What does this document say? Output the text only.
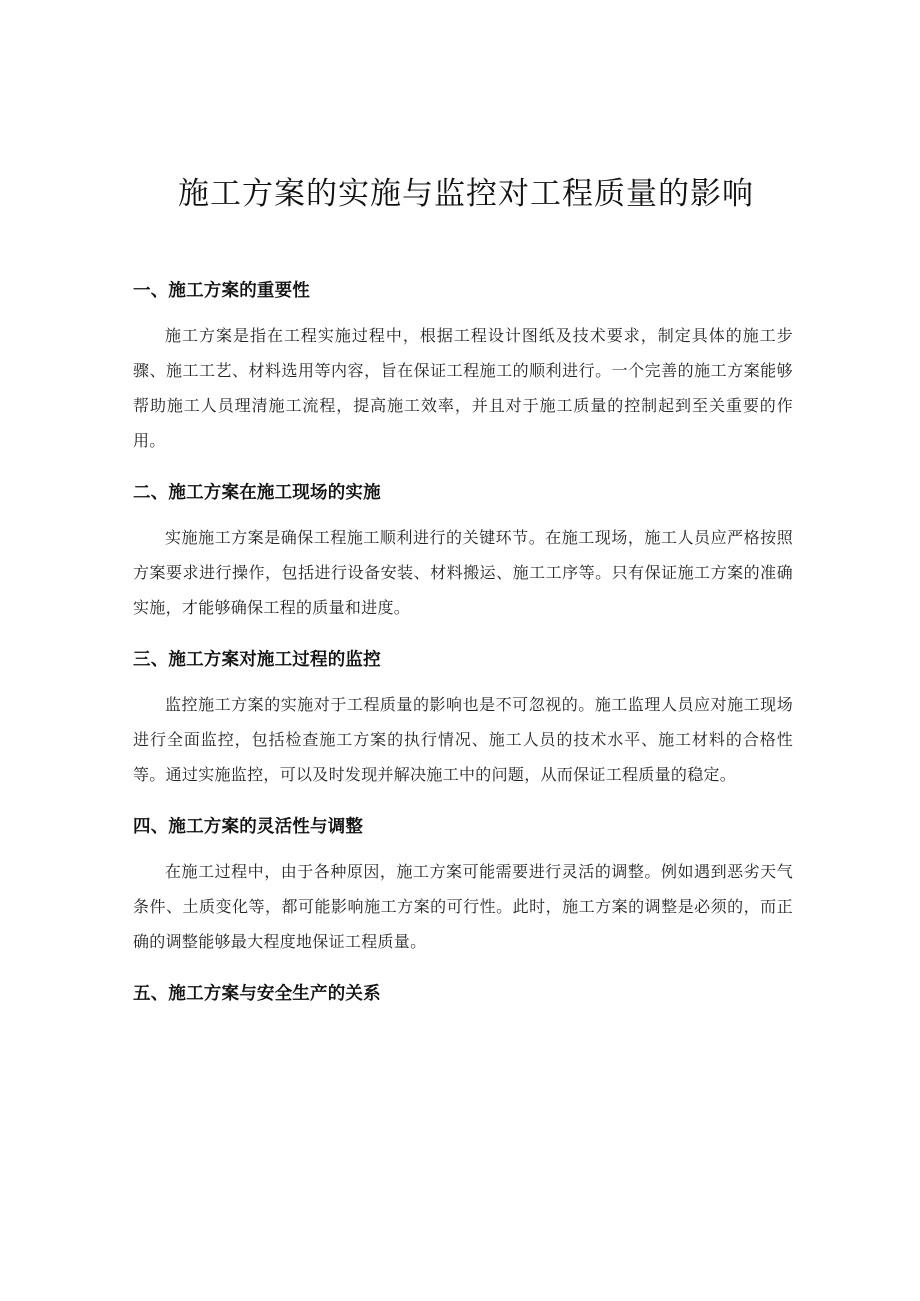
施工方案的实施与监控对工程质量的影响
一、施工方案的重要性

施工方案是指在工程实施过程中，根据工程设计图纸及技术要求，制定具体的施工步骤、施工工艺、材料选用等内容，旨在保证工程施工的顺利进行。一个完善的施工方案能够帮助施工人员理清施工流程，提高施工效率，并且对于施工质量的控制起到至关重要的作用。

二、施工方案在施工现场的实施

实施施工方案是确保工程施工顺利进行的关键环节。在施工现场，施工人员应严格按照方案要求进行操作，包括进行设备安装、材料搬运、施工工序等。只有保证施工方案的准确实施，才能够确保工程的质量和进度。

三、施工方案对施工过程的监控

监控施工方案的实施对于工程质量的影响也是不可忽视的。施工监理人员应对施工现场进行全面监控，包括检查施工方案的执行情况、施工人员的技术水平、施工材料的合格性等。通过实施监控，可以及时发现并解决施工中的问题，从而保证工程质量的稳定。

四、施工方案的灵活性与调整

在施工过程中，由于各种原因，施工方案可能需要进行灵活的调整。例如遇到恶劣天气条件、土质变化等，都可能影响施工方案的可行性。此时，施工方案的调整是必须的，而正确的调整能够最大程度地保证工程质量。

五、施工方案与安全生产的关系
